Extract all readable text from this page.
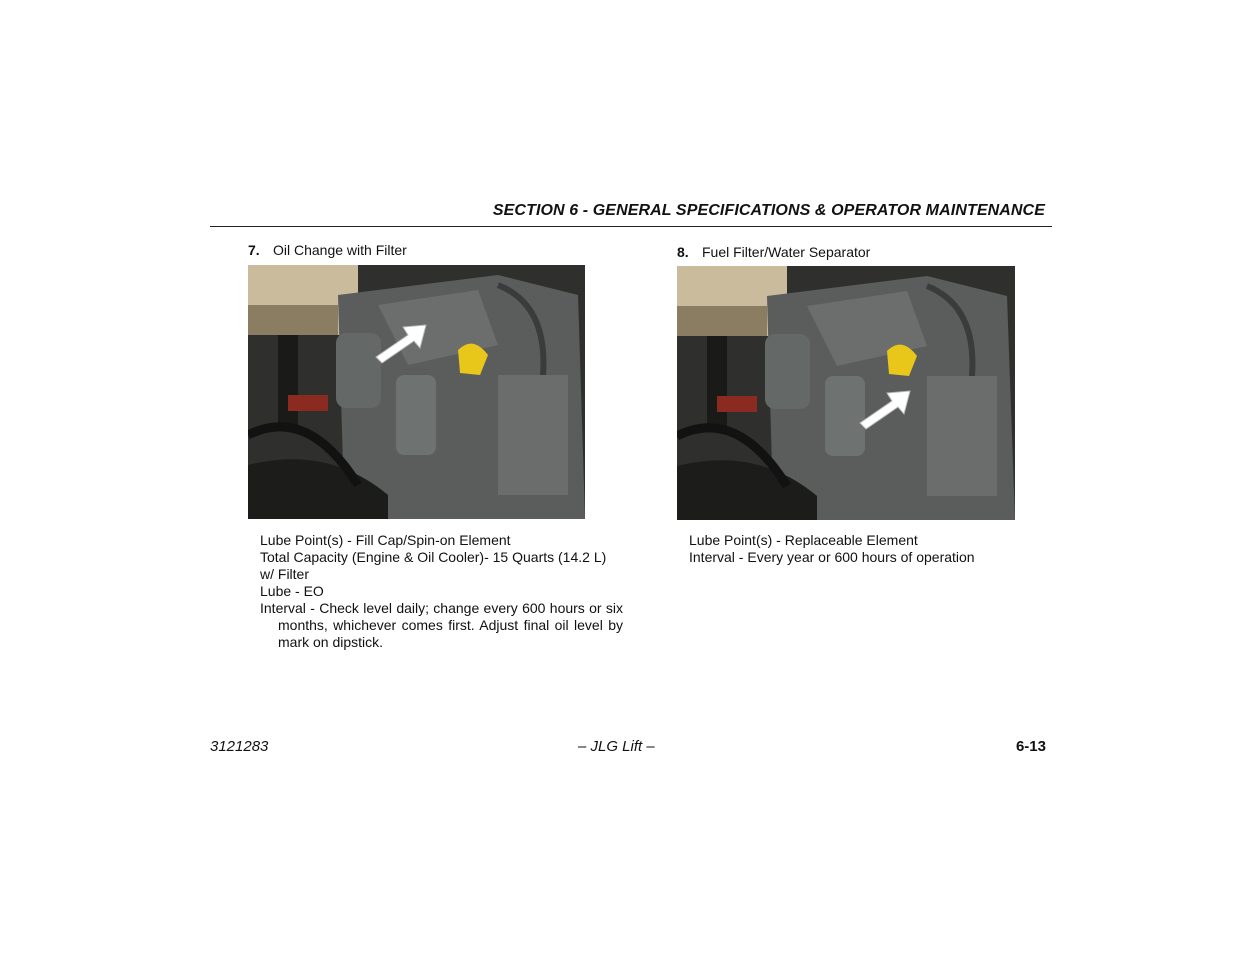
SECTION 6 - GENERAL SPECIFICATIONS & OPERATOR MAINTENANCE
7. Oil Change with Filter

Lube Point(s) - Fill Cap/Spin-on Element

Total Capacity (Engine & Oil Cooler)- 15 Quarts (14.2 L) w/ Filter

Lube - EO

Interval - Check level daily; change every 600 hours or six months, whichever comes first. Adjust final oil level by mark on dipstick.

8. Fuel Filter/Water Separator

Lube Point(s) - Replaceable Element

Interval - Every year or 600 hours of operation

3121283	– JLG Lift –	6-13
